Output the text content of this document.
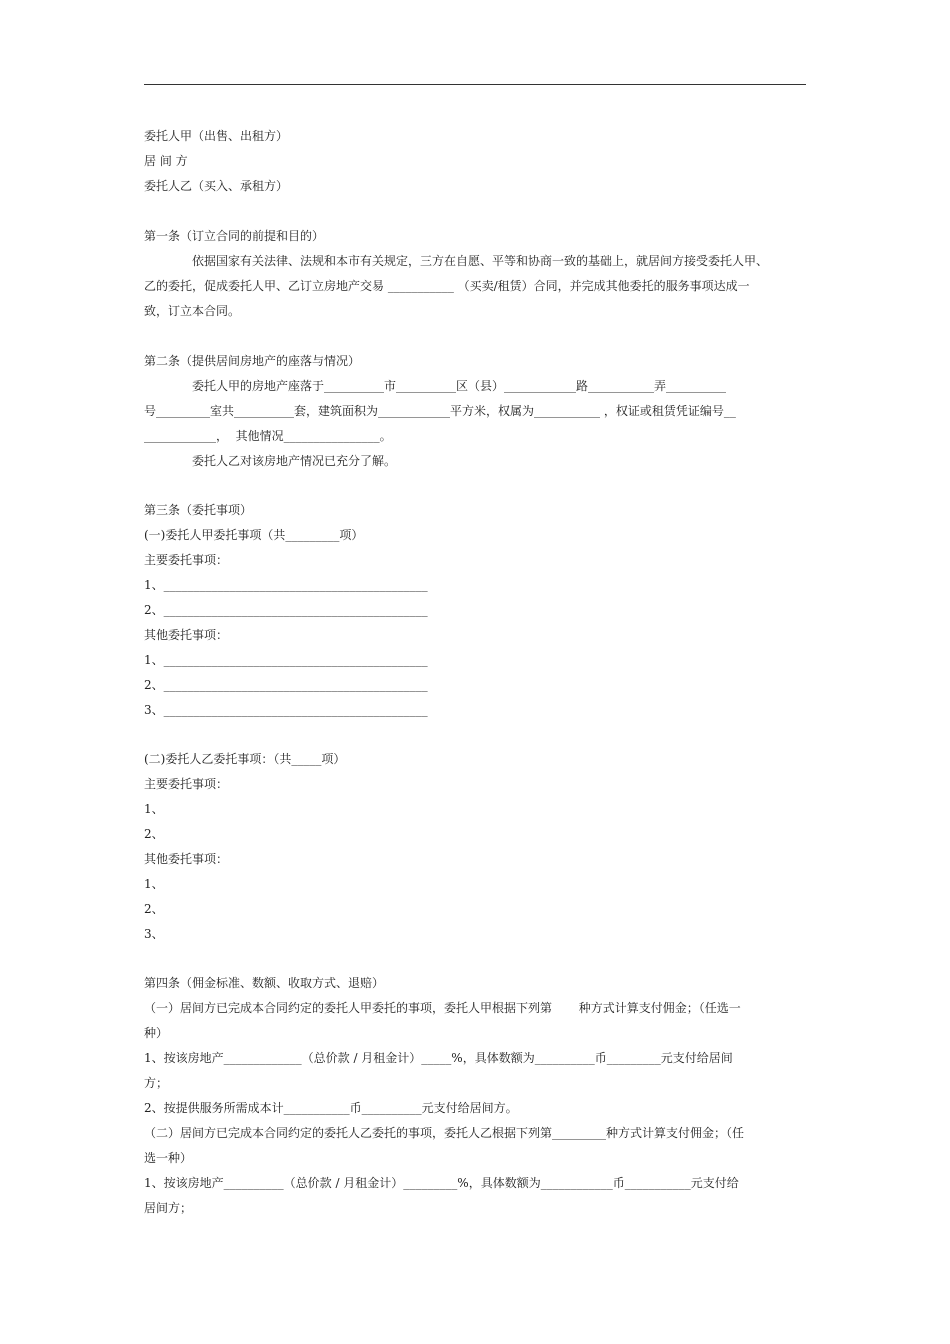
委托人甲（出售、出租方）
居 间 方
委托人乙（买入、承租方）
第一条（订立合同的前提和目的）
依据国家有关法律、法规和本市有关规定，三方在自愿、平等和协商一致的基础上，就居间方接受委托人甲、
乙的委托，促成委托人甲、乙订立房地产交易 ___________ （买卖/租赁）合同，并完成其他委托的服务事项达成一
致，订立本合同。
第二条（提供居间房地产的座落与情况）
委托人甲的房地产座落于__________市__________区（县）____________路___________弄__________
号_________室共__________套，建筑面积为____________平方米，权属为___________ ，权证或租赁凭证编号__
____________，  其他情况________________。
委托人乙对该房地产情况已充分了解。
第三条（委托事项）
(一)委托人甲委托事项（共_________项）
主要委托事项：
1、____________________________________________
2、____________________________________________
其他委托事项：
1、____________________________________________
2、____________________________________________
3、____________________________________________
(二)委托人乙委托事项：（共_____项）
主要委托事项：
1、
2、
其他委托事项：
1、
2、
3、
第四条（佣金标准、数额、收取方式、退赔）
（一）居间方已完成本合同约定的委托人甲委托的事项，委托人甲根据下列第       种方式计算支付佣金；（任选一
种）
1、按该房地产_____________（总价款 / 月租金计）_____%，具体数额为__________币_________元支付给居间
方；
2、按提供服务所需成本计___________币__________元支付给居间方。
（二）居间方已完成本合同约定的委托人乙委托的事项，委托人乙根据下列第_________种方式计算支付佣金；（任
选一种）
1、按该房地产__________（总价款 / 月租金计）_________%，具体数额为____________币___________元支付给
居间方；
